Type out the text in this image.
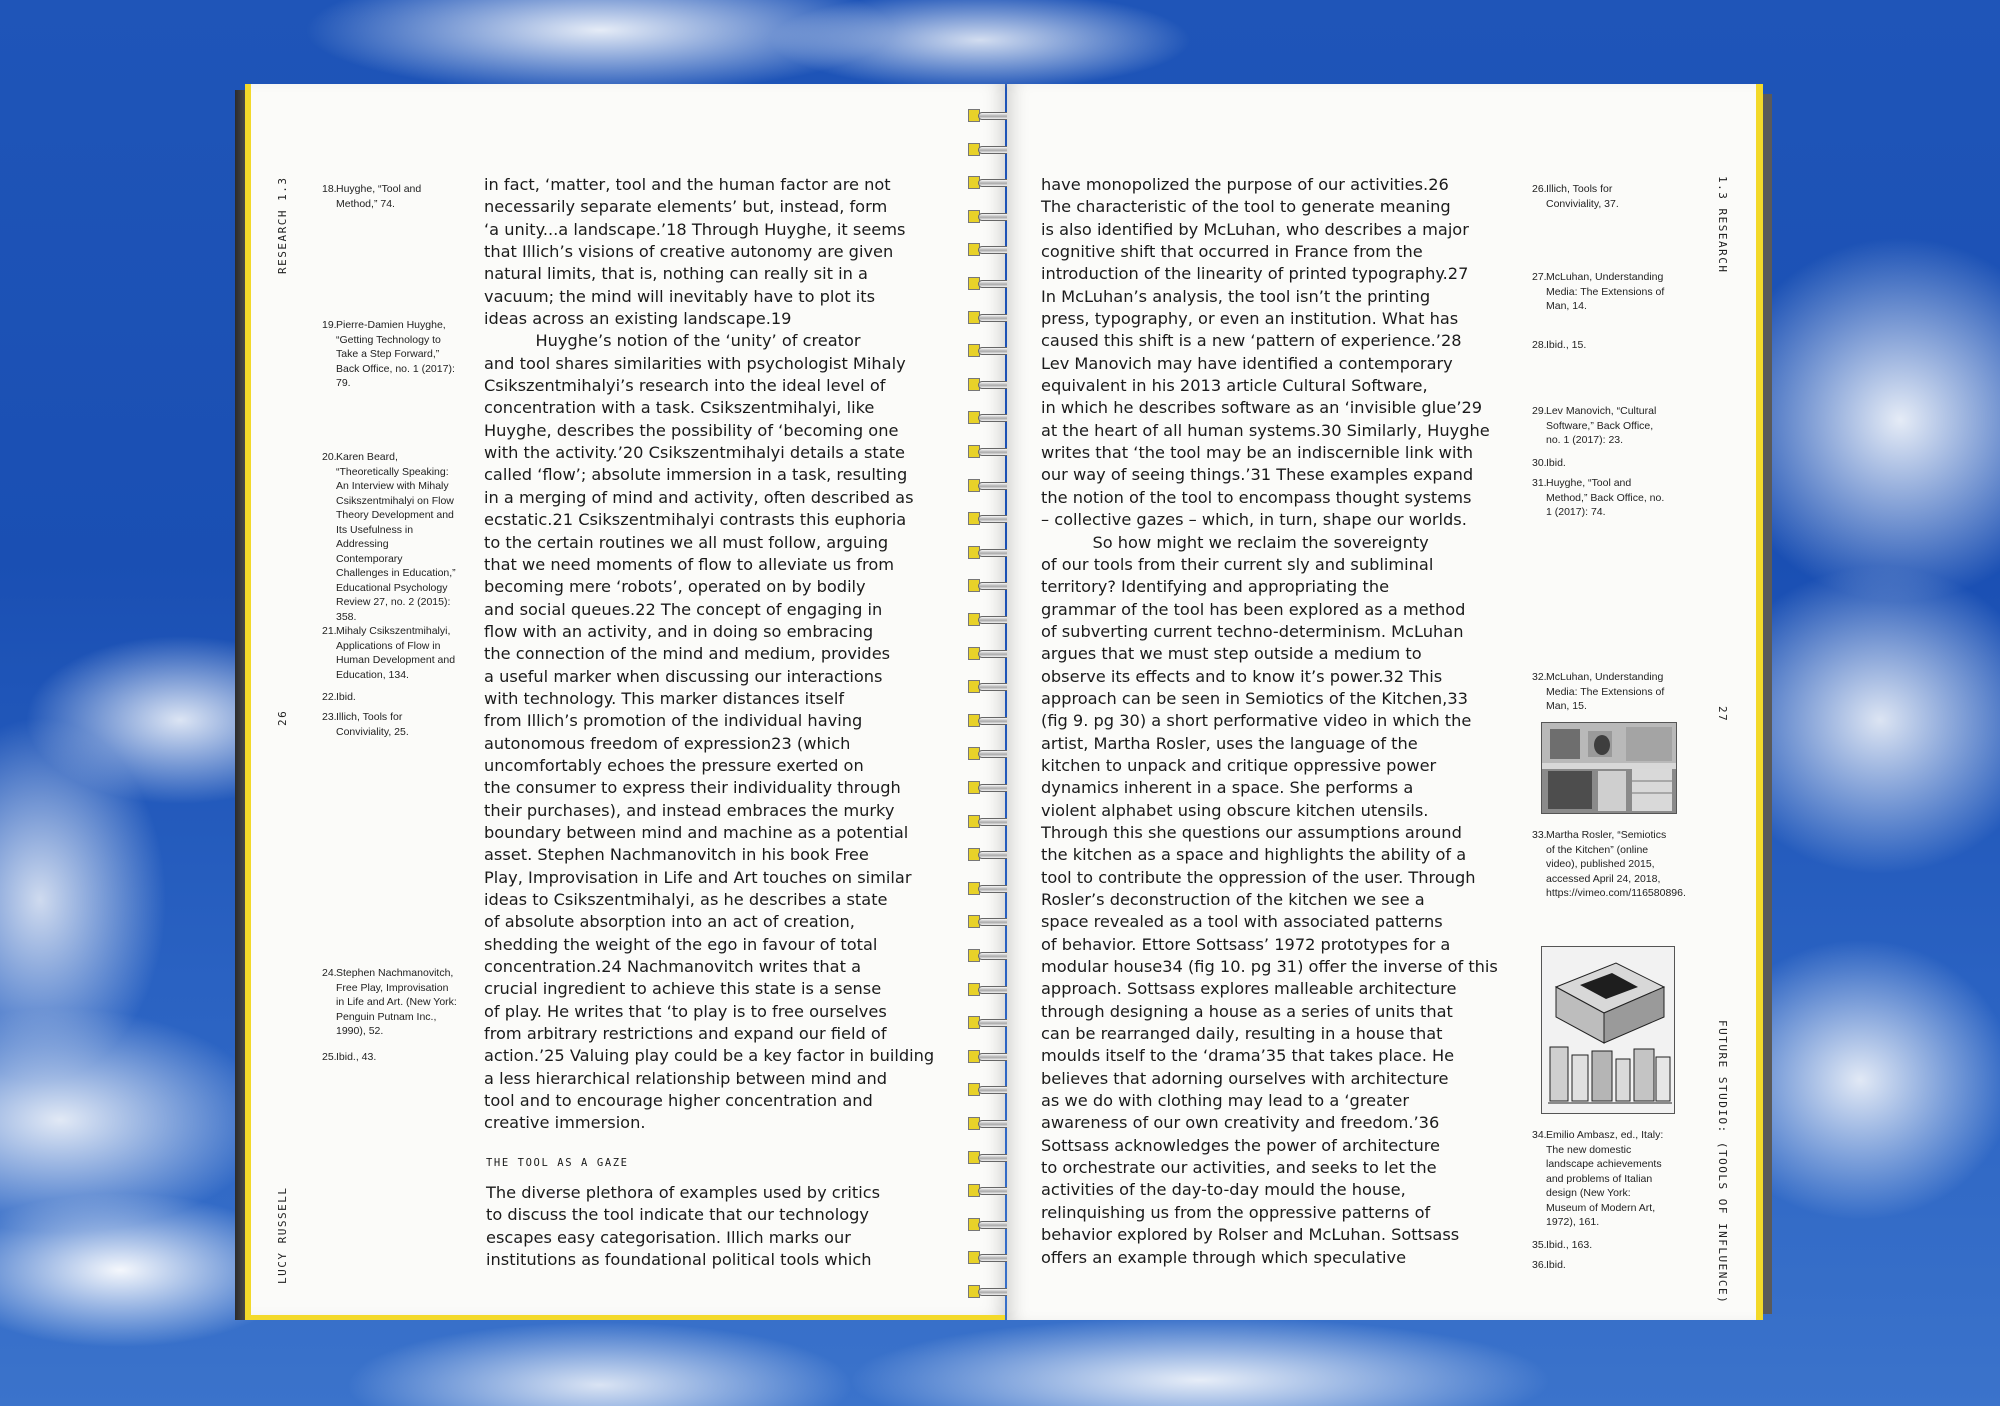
RESEARCH 1.3
26
LUCY RUSSELL
18. Huyghe, “Tool and Method,” 74.
19. Pierre-Damien Huyghe, “Getting Technology to Take a Step Forward,” Back Office, no. 1 (2017): 79.
20. Karen Beard, “Theoretically Speaking: An Interview with Mihaly Csikszentmihalyi on Flow Theory Development and Its Usefulness in Addressing Contemporary Challenges in Education,” Educational Psychology Review 27, no. 2 (2015): 358.
21. Mihaly Csikszentmihalyi, Applications of Flow in Human Development and Education, 134.
22. Ibid.
23. Illich, Tools for Conviviality, 25.
24. Stephen Nachmanovitch, Free Play, Improvisation in Life and Art. (New York: Penguin Putnam Inc., 1990), 52.
25. Ibid., 43.
in fact, ‘matter, tool and the human factor are not
necessarily separate elements’ but, instead, form
‘a unity...a landscape.’18 Through Huyghe, it seems
that Illich’s visions of creative autonomy are given
natural limits, that is, nothing can really sit in a
vacuum; the mind will inevitably have to plot its
ideas across an existing landscape.19
Huyghe’s notion of the ‘unity’ of creator
and tool shares similarities with psychologist Mihaly
Csikszentmihalyi’s research into the ideal level of
concentration with a task. Csikszentmihalyi, like
Huyghe, describes the possibility of ‘becoming one
with the activity.’20 Csikszentmihalyi details a state
called ‘flow’; absolute immersion in a task, resulting
in a merging of mind and activity, often described as
ecstatic.21 Csikszentmihalyi contrasts this euphoria
to the certain routines we all must follow, arguing
that we need moments of flow to alleviate us from
becoming mere ‘robots’, operated on by bodily
and social queues.22 The concept of engaging in
flow with an activity, and in doing so embracing
the connection of the mind and medium, provides
a useful marker when discussing our interactions
with technology. This marker distances itself
from Illich’s promotion of the individual having
autonomous freedom of expression23 (which
uncomfortably echoes the pressure exerted on
the consumer to express their individuality through
their purchases), and instead embraces the murky
boundary between mind and machine as a potential
asset. Stephen Nachmanovitch in his book Free
Play, Improvisation in Life and Art touches on similar
ideas to Csikszentmihalyi, as he describes a state
of absolute absorption into an act of creation,
shedding the weight of the ego in favour of total
concentration.24 Nachmanovitch writes that a
crucial ingredient to achieve this state is a sense
of play. He writes that ‘to play is to free ourselves
from arbitrary restrictions and expand our field of
action.’25 Valuing play could be a key factor in building
a less hierarchical relationship between mind and
tool and to encourage higher concentration and
creative immersion.
THE TOOL AS A GAZE
The diverse plethora of examples used by critics
to discuss the tool indicate that our technology
escapes easy categorisation. Illich marks our
institutions as foundational political tools which
have monopolized the purpose of our activities.26
The characteristic of the tool to generate meaning
is also identified by McLuhan, who describes a major
cognitive shift that occurred in France from the
introduction of the linearity of printed typography.27
In McLuhan’s analysis, the tool isn’t the printing
press, typography, or even an institution. What has
caused this shift is a new ‘pattern of experience.’28
Lev Manovich may have identified a contemporary
equivalent in his 2013 article Cultural Software,
in which he describes software as an ‘invisible glue’29
at the heart of all human systems.30 Similarly, Huyghe
writes that ‘the tool may be an indiscernible link with
our way of seeing things.’31 These examples expand
the notion of the tool to encompass thought systems
– collective gazes – which, in turn, shape our worlds.
So how might we reclaim the sovereignty
of our tools from their current sly and subliminal
territory? Identifying and appropriating the
grammar of the tool has been explored as a method
of subverting current techno-determinism. McLuhan
argues that we must step outside a medium to
observe its effects and to know it’s power.32 This
approach can be seen in Semiotics of the Kitchen,33
(fig 9. pg 30) a short performative video in which the
artist, Martha Rosler, uses the language of the
kitchen to unpack and critique oppressive power
dynamics inherent in a space. She performs a
violent alphabet using obscure kitchen utensils.
Through this she questions our assumptions around
the kitchen as a space and highlights the ability of a
tool to contribute the oppression of the user. Through
Rosler’s deconstruction of the kitchen we see a
space revealed as a tool with associated patterns
of behavior. Ettore Sottsass’ 1972 prototypes for a
modular house34 (fig 10. pg 31) offer the inverse of this
approach. Sottsass explores malleable architecture
through designing a house as a series of units that
can be rearranged daily, resulting in a house that
moulds itself to the ‘drama’35 that takes place. He
believes that adorning ourselves with architecture
as we do with clothing may lead to a ‘greater
awareness of our own creativity and freedom.’36
Sottsass acknowledges the power of architecture
to orchestrate our activities, and seeks to let the
activities of the day-to-day mould the house,
relinquishing us from the oppressive patterns of
behavior explored by Rolser and McLuhan. Sottsass
offers an example through which speculative
26. Illich, Tools for Conviviality, 37.
27. McLuhan, Understanding Media: The Extensions of Man, 14.
28. Ibid., 15.
29. Lev Manovich, “Cultural Software,” Back Office, no. 1 (2017): 23.
30. Ibid.
31. Huyghe, “Tool and Method,” Back Office, no. 1 (2017): 74.
32. McLuhan, Understanding Media: The Extensions of Man, 15.
33. Martha Rosler, “Semiotics of the Kitchen” (online video), published 2015, accessed April 24, 2018, https://vimeo.com/116580896.
34. Emilio Ambasz, ed., Italy: The new domestic landscape achievements and problems of Italian design (New York: Museum of Modern Art, 1972), 161.
35. Ibid., 163.
36. Ibid.
1.3 RESEARCH
27
FUTURE STUDIO: (TOOLS OF INFLUENCE)
